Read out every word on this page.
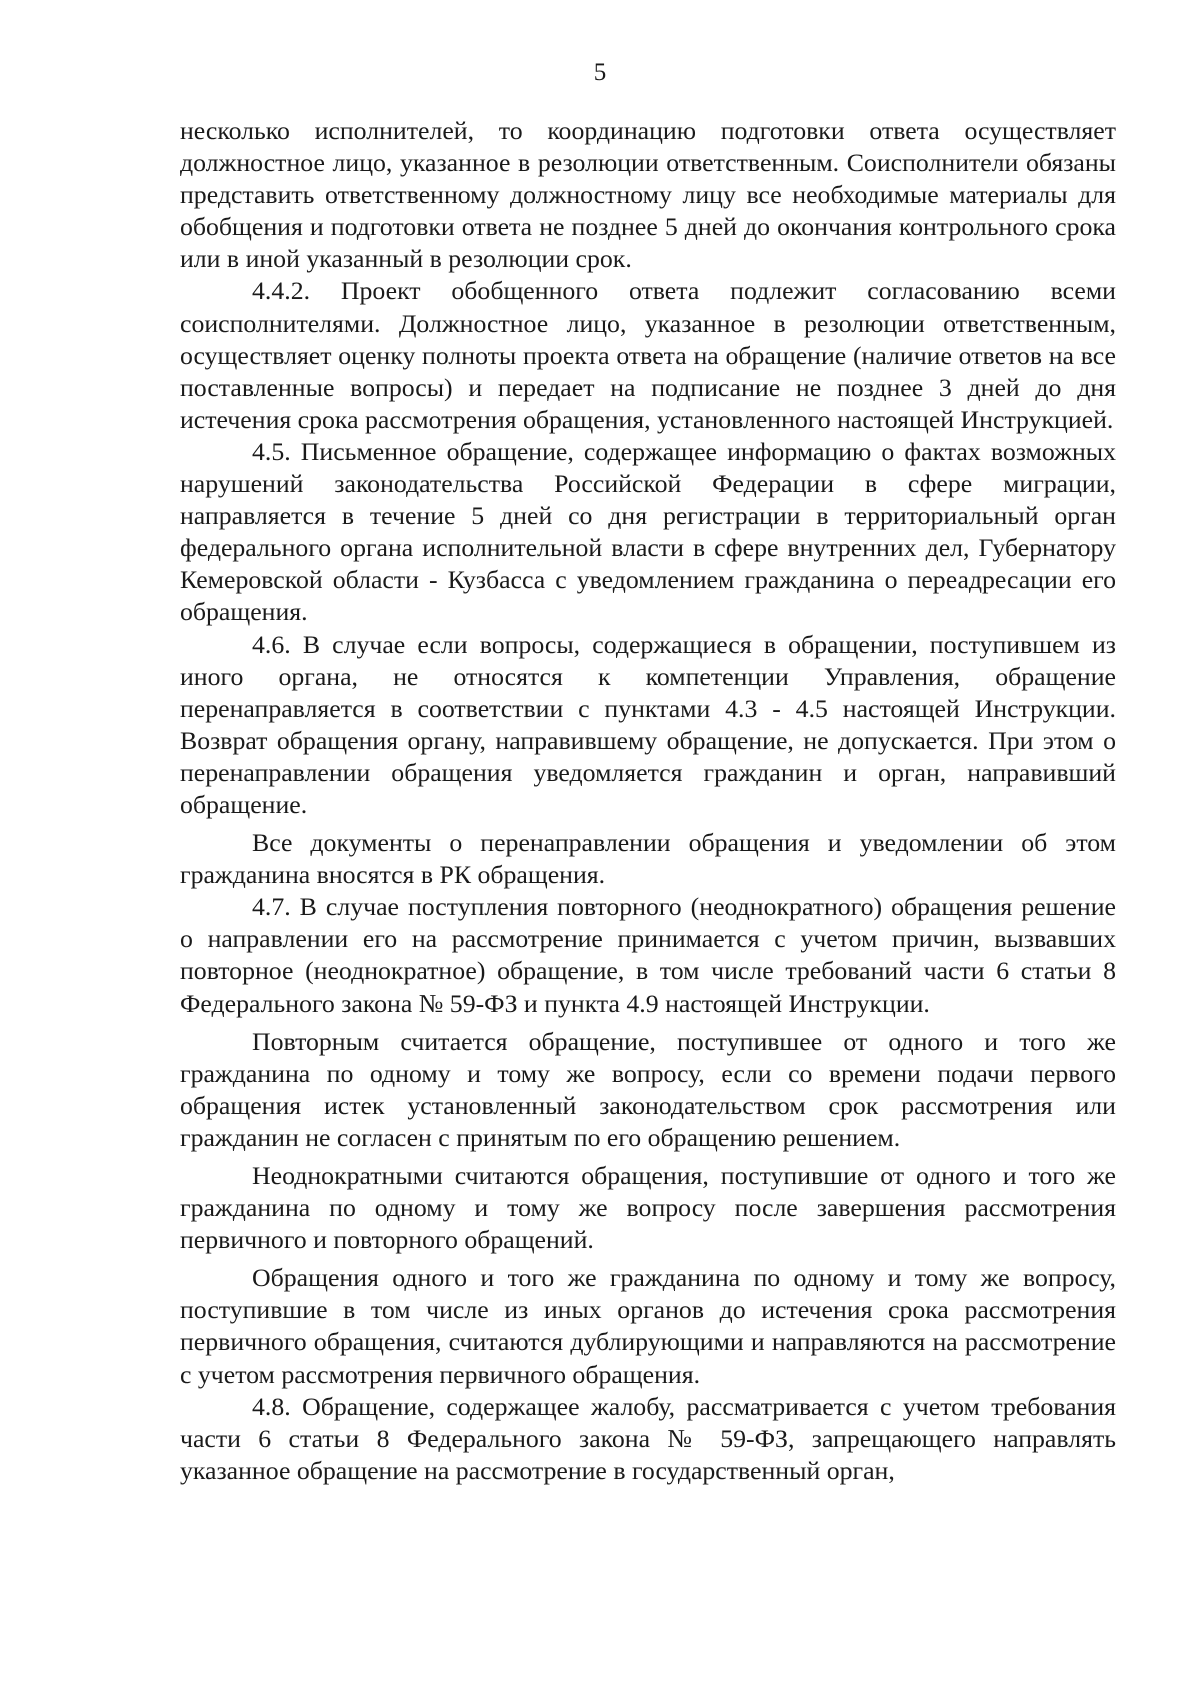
5

несколько исполнителей, то координацию подготовки ответа осуществляет должностное лицо, указанное в резолюции ответственным. Соисполнители обязаны представить ответственному должностному лицу все необходимые материалы для обобщения и подготовки ответа не позднее 5 дней до окончания контрольного срока или в иной указанный в резолюции срок.

4.4.2. Проект обобщенного ответа подлежит согласованию всеми соисполнителями. Должностное лицо, указанное в резолюции ответственным, осуществляет оценку полноты проекта ответа на обращение (наличие ответов на все поставленные вопросы) и передает на подписание не позднее 3 дней до дня истечения срока рассмотрения обращения, установленного настоящей Инструкцией.

4.5. Письменное обращение, содержащее информацию о фактах возможных нарушений законодательства Российской Федерации в сфере миграции, направляется в течение 5 дней со дня регистрации в территориальный орган федерального органа исполнительной власти в сфере внутренних дел, Губернатору Кемеровской области - Кузбасса с уведомлением гражданина о переадресации его обращения.

4.6. В случае если вопросы, содержащиеся в обращении, поступившем из иного органа, не относятся к компетенции Управления, обращение перенаправляется в соответствии с пунктами 4.3 - 4.5 настоящей Инструкции. Возврат обращения органу, направившему обращение, не допускается. При этом о перенаправлении обращения уведомляется гражданин и орган, направивший обращение.

Все документы о перенаправлении обращения и уведомлении об этом гражданина вносятся в РК обращения.

4.7. В случае поступления повторного (неоднократного) обращения решение о направлении его на рассмотрение принимается с учетом причин, вызвавших повторное (неоднократное) обращение, в том числе требований части 6 статьи 8 Федерального закона № 59-ФЗ и пункта 4.9 настоящей Инструкции.

Повторным считается обращение, поступившее от одного и того же гражданина по одному и тому же вопросу, если со времени подачи первого обращения истек установленный законодательством срок рассмотрения или гражданин не согласен с принятым по его обращению решением.

Неоднократными считаются обращения, поступившие от одного и того же гражданина по одному и тому же вопросу после завершения рассмотрения первичного и повторного обращений.

Обращения одного и того же гражданина по одному и тому же вопросу, поступившие в том числе из иных органов до истечения срока рассмотрения первичного обращения, считаются дублирующими и направляются на рассмотрение с учетом рассмотрения первичного обращения.

4.8. Обращение, содержащее жалобу, рассматривается с учетом требования части 6 статьи 8 Федерального закона № 59-ФЗ, запрещающего направлять указанное обращение на рассмотрение в государственный орган,
